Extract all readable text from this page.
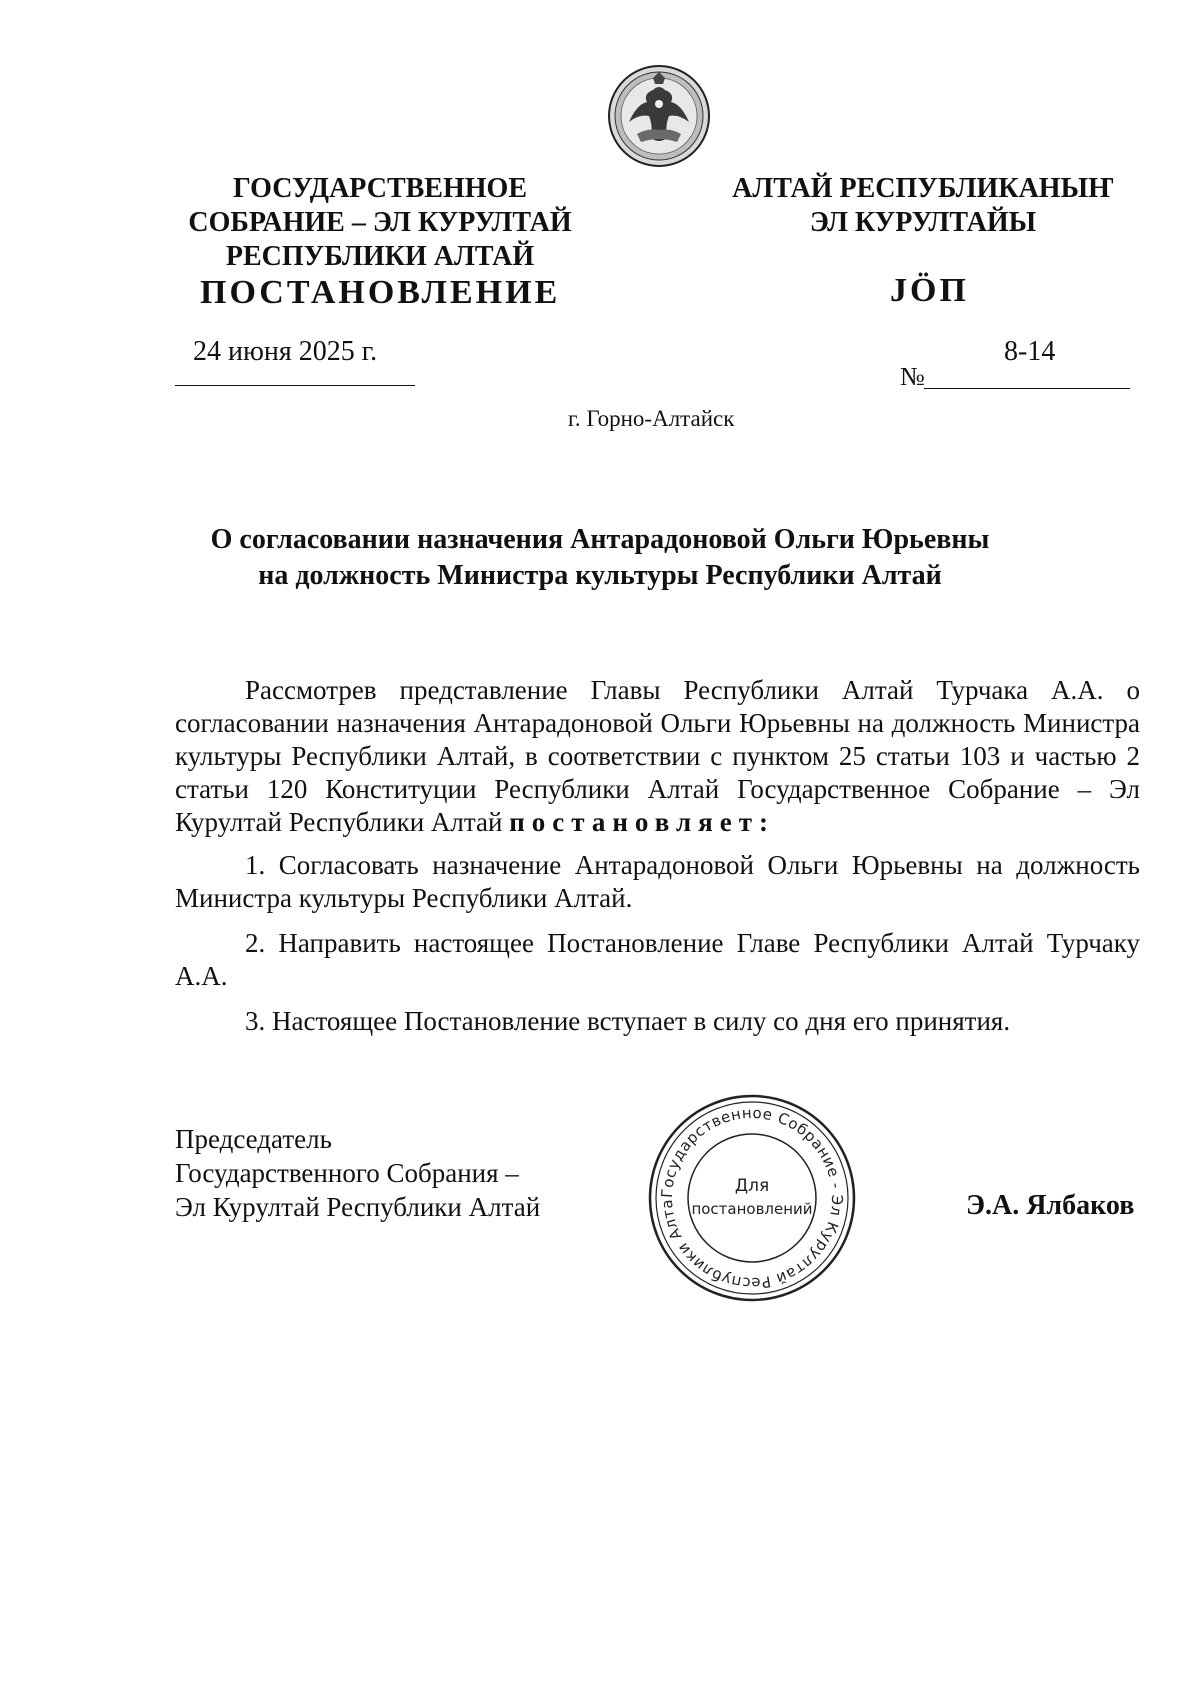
ГОСУДАРСТВЕННОЕ
СОБРАНИЕ – ЭЛ КУРУЛТАЙ
РЕСПУБЛИКИ АЛТАЙ
АЛТАЙ РЕСПУБЛИКАНЫҤ
ЭЛ КУРУЛТАЙЫ
ПОСТАНОВЛЕНИЕ	JÖП
24 июня 2025 г.	8-14
№
г. Горно-Алтайск
О согласовании назначения Антарадоновой Ольги Юрьевны
на должность Министра культуры Республики Алтай

Рассмотрев представление Главы Республики Алтай Турчака А.А. о согласовании назначения Антарадоновой Ольги Юрьевны на должность Министра культуры Республики Алтай, в соответствии с пунктом 25 статьи 103 и частью 2 статьи 120 Конституции Республики Алтай Государственное Собрание – Эл Курултай Республики Алтай постановляет:

1. Согласовать назначение Антарадоновой Ольги Юрьевны на должность Министра культуры Республики Алтай.

2. Направить настоящее Постановление Главе Республики Алтай Турчаку А.А.

3. Настоящее Постановление вступает в силу со дня его принятия.

Председатель
Государственного Собрания –
Эл Курултай Республики Алтай	Э.А. Ялбаков
Государственное Собрание - Эл Курултай Республики Алта
Для
постановлений
